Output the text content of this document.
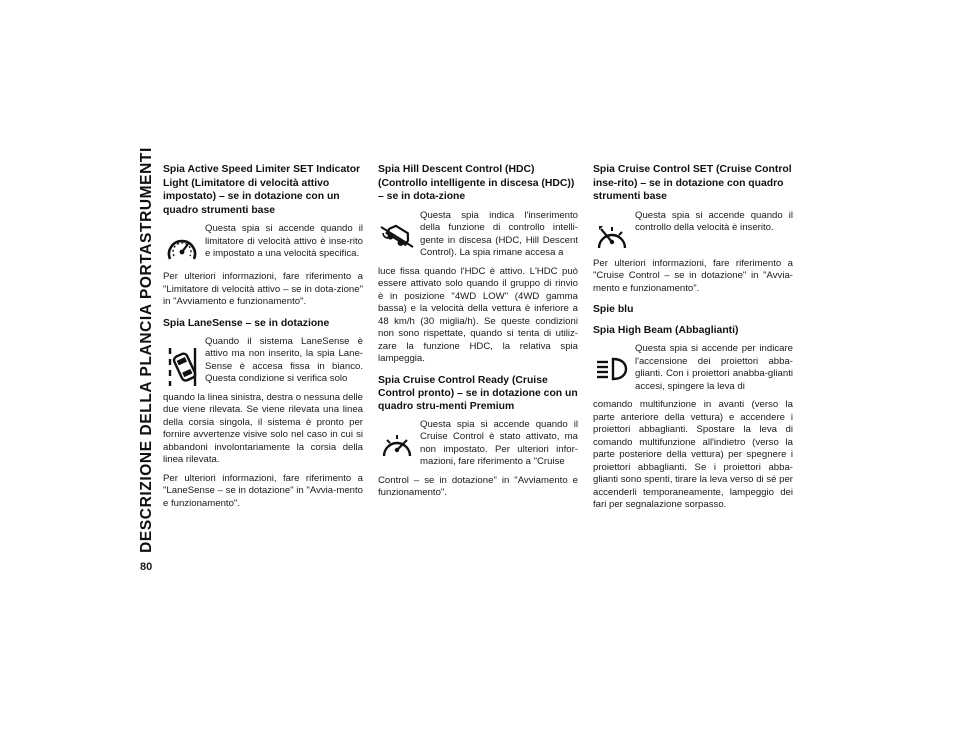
DESCRIZIONE DELLA PLANCIA PORTASTRUMENTI
80
Spia Active Speed Limiter SET Indicator Light (Limitatore di velocità attivo impostato) – se in dotazione con un quadro strumenti base

Questa spia si accende quando il limitatore di velocità attivo è inse-rito e impostato a una velocità specifica.

Per ulteriori informazioni, fare riferimento a "Limitatore di velocità attivo – se in dota-zione" in "Avviamento e funzionamento".

Spia LaneSense – se in dotazione

Quando il sistema LaneSense è attivo ma non inserito, la spia Lane-Sense è accesa fissa in bianco. Questa condizione si verifica solo

quando la linea sinistra, destra o nessuna delle due viene rilevata. Se viene rilevata una linea della corsia singola, il sistema è pronto per fornire avvertenze visive solo nel caso in cui si abbandoni involontariamente la corsia della linea rilevata.

Per ulteriori informazioni, fare riferimento a "LaneSense – se in dotazione" in "Avvia-mento e funzionamento".

Spia Hill Descent Control (HDC) (Controllo intelligente in discesa (HDC)) – se in dota-zione

Questa spia indica l'inserimento della funzione di controllo intelli-gente in discesa (HDC, Hill Descent Control). La spia rimane accesa a

luce fissa quando l'HDC è attivo. L'HDC può essere attivato solo quando il gruppo di rinvio è in posizione "4WD LOW" (4WD gamma bassa) e la velocità della vettura è inferiore a 48 km/h (30 miglia/h). Se queste condizioni non sono rispettate, quando si tenta di utiliz-zare la funzione HDC, la relativa spia lampeggia.

Spia Cruise Control Ready (Cruise Control pronto) – se in dotazione con un quadro stru-menti Premium

Questa spia si accende quando il Cruise Control è stato attivato, ma non impostato. Per ulteriori infor-mazioni, fare riferimento a "Cruise

Control – se in dotazione" in "Avviamento e funzionamento".

Spia Cruise Control SET (Cruise Control inse-rito) – se in dotazione con quadro strumenti base

Questa spia si accende quando il controllo della velocità è inserito.

Per ulteriori informazioni, fare riferimento a "Cruise Control – se in dotazione" in "Avvia-mento e funzionamento".

Spie blu
Spia High Beam (Abbaglianti)

Questa spia si accende per indicare l'accensione dei proiettori abba-glianti. Con i proiettori anabba-glianti accesi, spingere la leva di

comando multifunzione in avanti (verso la parte anteriore della vettura) e accendere i proiettori abbaglianti. Spostare la leva di comando multifunzione all'indietro (verso la parte posteriore della vettura) per spegnere i proiettori abbaglianti. Se i proiettori abba-glianti sono spenti, tirare la leva verso di sé per accenderli temporaneamente, lampeggio dei fari per segnalazione sorpasso.
